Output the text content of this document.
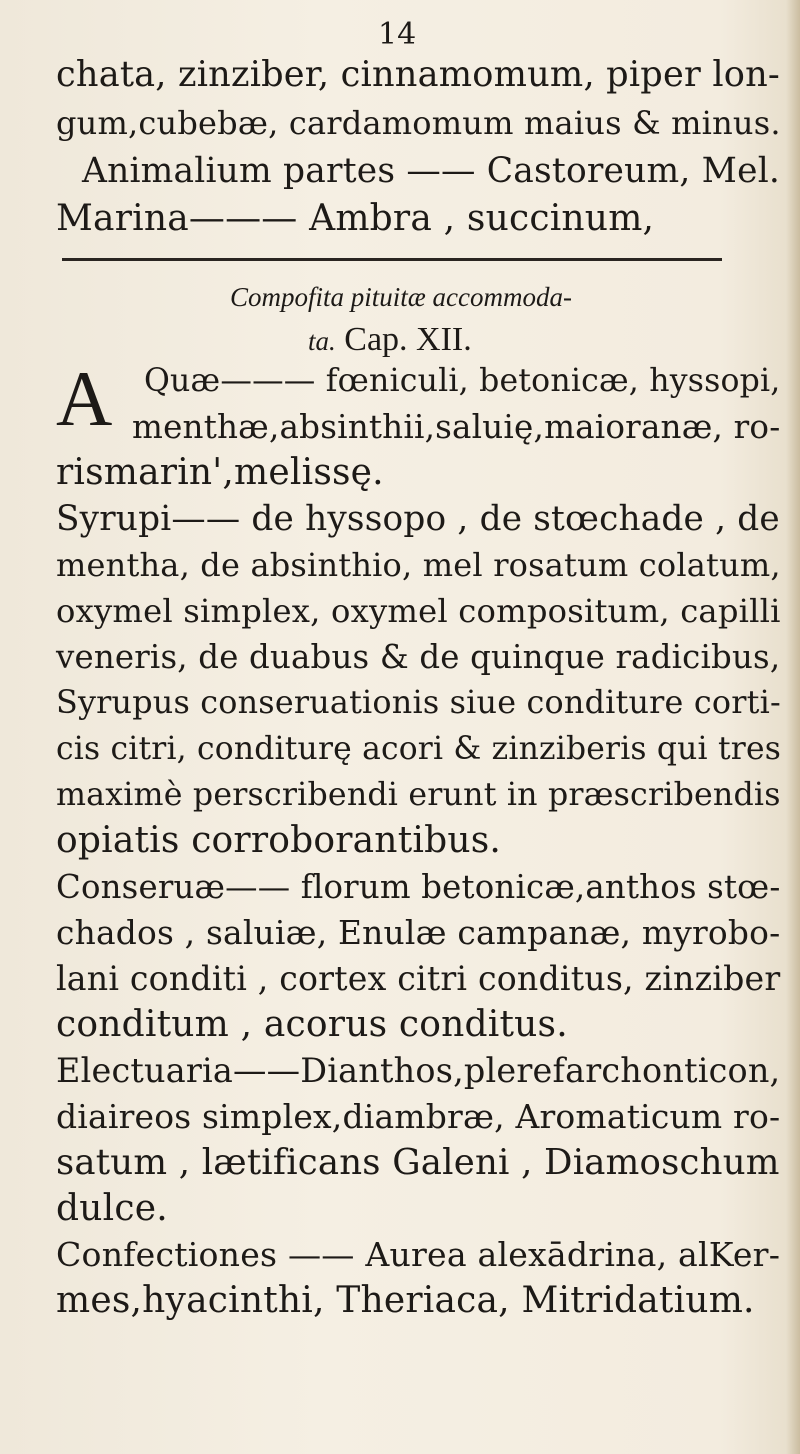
14
chata, zinziber, cinnamomum, piper lon-
gum,cubebæ, cardamomum maius & minus.
Animalium partes —— Castoreum, Mel.
Marina——— Ambra , succinum,
Compofita pituitæ accommoda-
ta. Cap. XII.
A Quæ——— fœniculi, betonicæ, hyssopi,
menthæ,absinthii,saluię,maioranæ, ro-
rismarin',melissę.
Syrupi—— de hyssopo , de stœchade , de
mentha, de absinthio, mel rosatum colatum,
oxymel simplex, oxymel compositum, capilli
veneris, de duabus & de quinque radicibus,
Syrupus conseruationis siue conditure corti-
cis citri, conditurę acori & zinziberis qui tres
maximè perscribendi erunt in præscribendis
opiatis corroborantibus.
Conseruæ—— florum betonicæ,anthos stœ-
chados , saluiæ, Enulæ campanæ, myrobo-
lani conditi , cortex citri conditus, zinziber
conditum , acorus conditus.
Electuaria——Dianthos,plerefarchonticon,
diaireos simplex,diambræ, Aromaticum ro-
satum , lætificans Galeni , Diamoschum
dulce.
Confectiones —— Aurea alexādrina, alKer-
mes,hyacinthi, Theriaca, Mitridatium.
